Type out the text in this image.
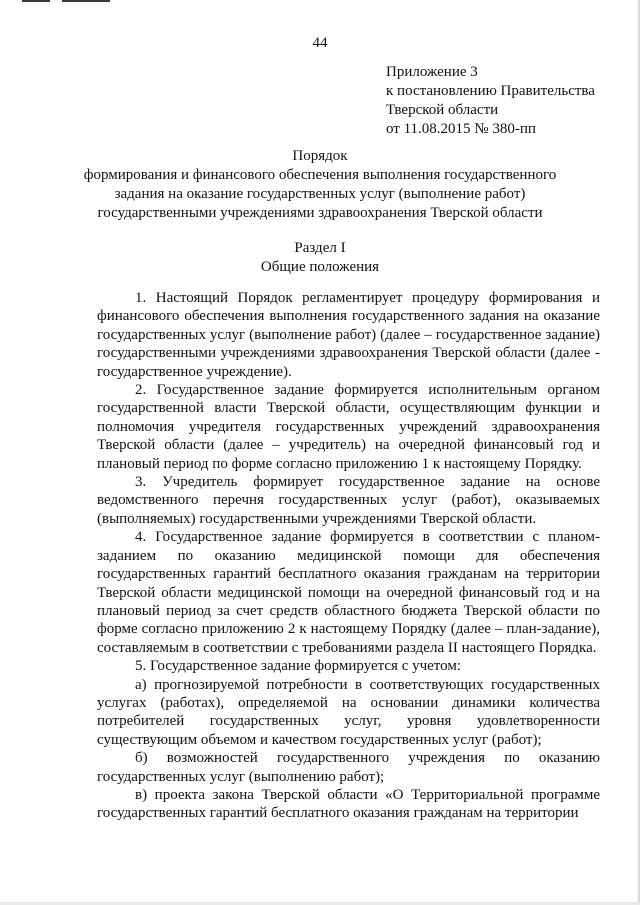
44
Приложение 3
к постановлению Правительства
Тверской области
от 11.08.2015 № 380-пп
Порядок
формирования и финансового обеспечения выполнения государственного
задания на оказание государственных услуг (выполнение работ)
государственными учреждениями здравоохранения Тверской области
Раздел I
Общие положения

1. Настоящий Порядок регламентирует процедуру формирования и финансового обеспечения выполнения государственного задания на оказание государственных услуг (выполнение работ) (далее – государственное задание) государственными учреждениями здравоохранения Тверской области (далее - государственное учреждение).

2. Государственное задание формируется исполнительным органом государственной власти Тверской области, осуществляющим функции и полномочия учредителя государственных учреждений здравоохранения Тверской области (далее – учредитель) на очередной финансовый год и плановый период по форме согласно приложению 1 к настоящему Порядку.

3. Учредитель формирует государственное задание на основе ведомственного перечня государственных услуг (работ), оказываемых (выполняемых) государственными учреждениями Тверской области.

4. Государственное задание формируется в соответствии с планом-заданием по оказанию медицинской помощи для обеспечения государственных гарантий бесплатного оказания гражданам на территории Тверской области медицинской помощи на очередной финансовый год и на плановый период за счет средств областного бюджета Тверской области по форме согласно приложению 2 к настоящему Порядку (далее – план-задание), составляемым в соответствии с требованиями раздела II настоящего Порядка.

5. Государственное задание формируется с учетом:

а) прогнозируемой потребности в соответствующих государственных услугах (работах), определяемой на основании динамики количества потребителей государственных услуг, уровня удовлетворенности существующим объемом и качеством государственных услуг (работ);

б) возможностей государственного учреждения по оказанию государственных услуг (выполнению работ);

в) проекта закона Тверской области «О Территориальной программе государственных гарантий бесплатного оказания гражданам на территории
